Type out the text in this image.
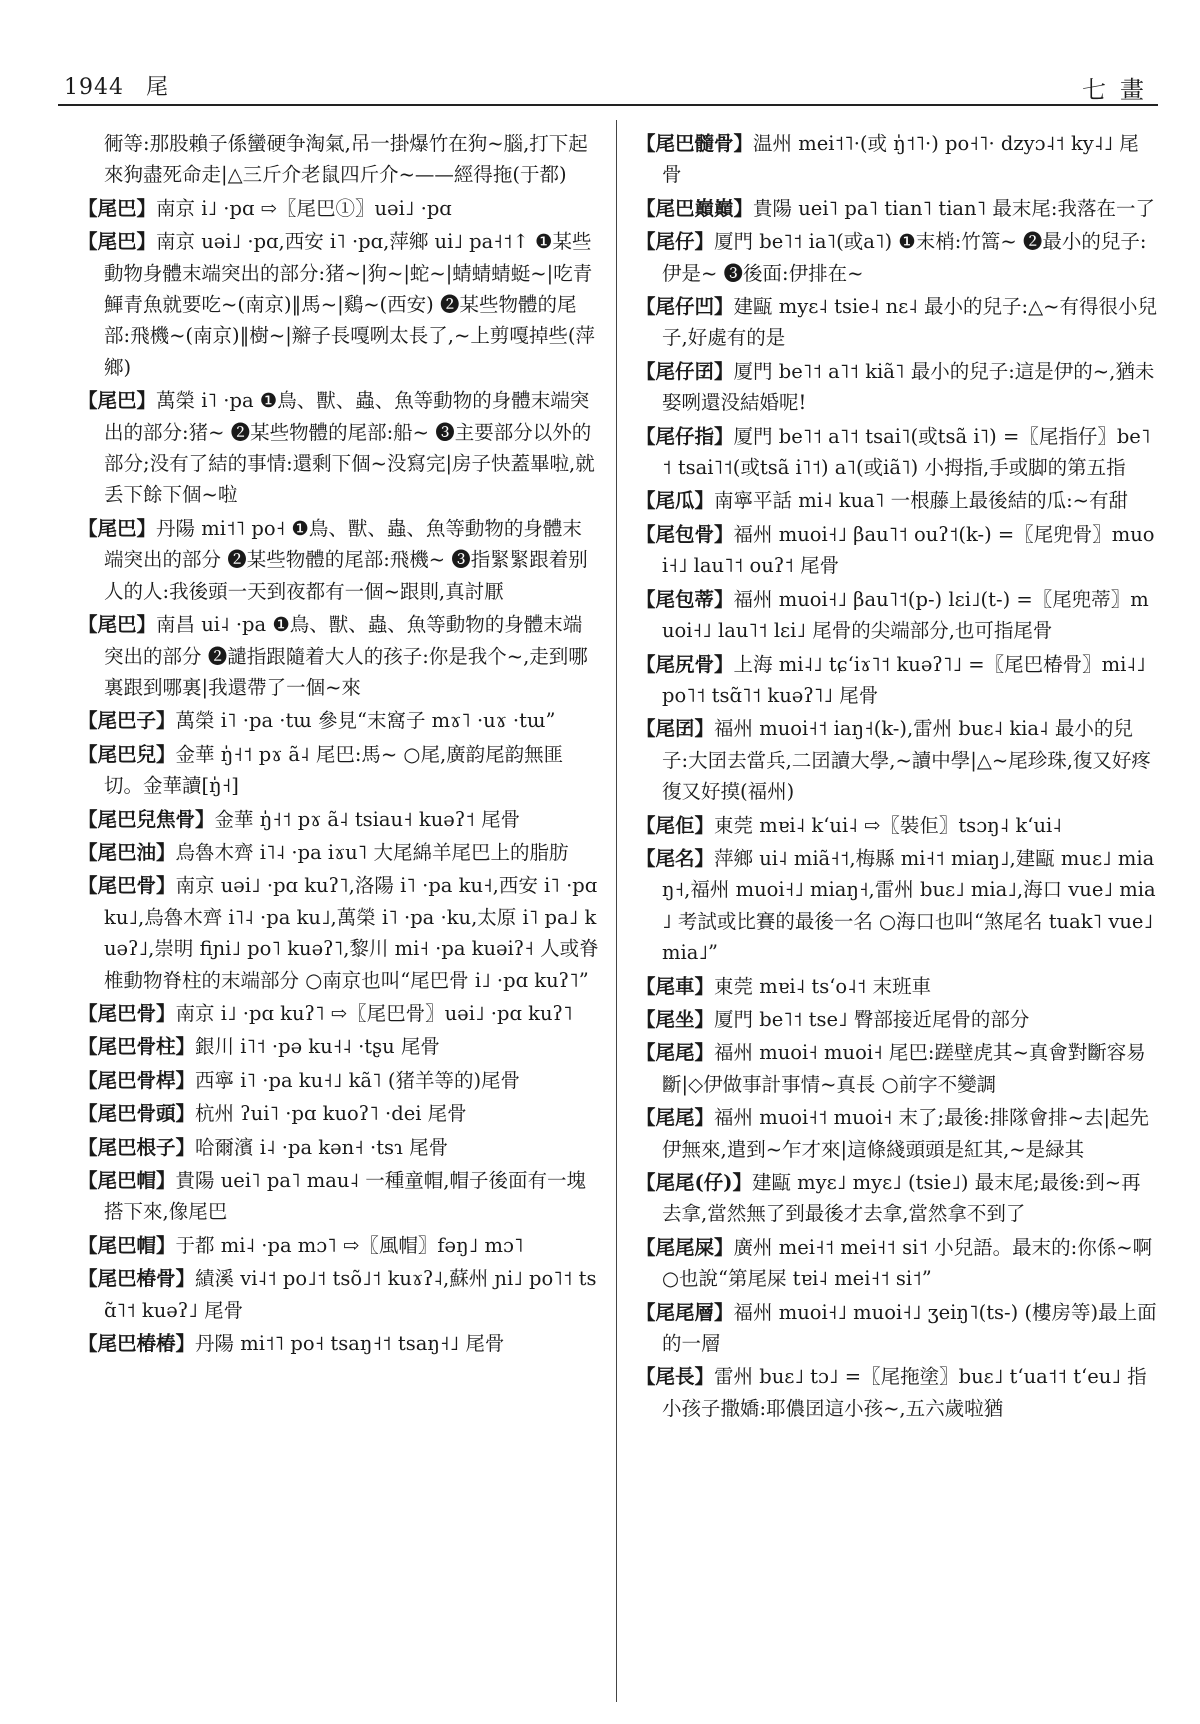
1944 尾	七畫
衕等:那股賴子係蠻硬争淘氣,吊一掛爆竹在狗~腦,打下起來狗盡死命走|△三斤介老鼠四斤介~——經得拖(于都)
【尾巴】南京 i˩ ·pɑ ⇨〖尾巴①〗uəi˩ ·pɑ
【尾巴】南京 uəi˩ ·pɑ,西安 i˥ ·pɑ,萍鄉 ui˩ pa˧˦↑ ❶某些動物身體末端突出的部分:猪~|狗~|蛇~|蜻蜻蜻蜓~|吃青鯶青魚就要吃~(南京)‖馬~|鷄~(西安) ❷某些物體的尾部:飛機~(南京)‖樹~|辮子長嘎咧太長了,~上剪嘎掉些(萍鄉)
【尾巴】萬榮 i˥ ·pa ❶鳥、獸、蟲、魚等動物的身體末端突出的部分:猪~ ❷某些物體的尾部:船~ ❸主要部分以外的部分;没有了結的事情:還剩下個~没寫完|房子快蓋畢啦,就丢下餘下個~啦
【尾巴】丹陽 mi˦˥ po˧ ❶鳥、獸、蟲、魚等動物的身體末端突出的部分 ❷某些物體的尾部:飛機~ ❸指緊緊跟着别人的人:我後頭一天到夜都有一個~跟則,真討厭
【尾巴】南昌 ui˨ ·pa ❶鳥、獸、蟲、魚等動物的身體末端突出的部分 ❷譴指跟隨着大人的孩子:你是我个~,走到哪裏跟到哪裏|我還帶了一個~來
【尾巴子】萬榮 i˥ ·pa ·tɯ 參見“末窩子 mɤ˥ ·uɤ ·tɯ”
【尾巴兒】金華 ŋ̍˧˦ pɤ ã˨ 尾巴:馬~ ○尾,廣韵尾韵無匪切。金華讀[ŋ̍˧]
【尾巴兒焦骨】金華 ŋ̍˧˦ pɤ ã˨ tsiau˧ kuəʔ˦ 尾骨
【尾巴油】烏魯木齊 i˥˨ ·pa iɤu˥ 大尾綿羊尾巴上的脂肪
【尾巴骨】南京 uəi˩ ·pɑ kuʔ˥,洛陽 i˥ ·pa ku˧,西安 i˥ ·pɑ ku˩,烏魯木齊 i˥˨ ·pa ku˩,萬榮 i˥ ·pa ·ku,太原 i˥ pa˩ kuəʔ˩,崇明 fiɲi˩ po˥ kuəʔ˥,黎川 mi˧ ·pa kuəiʔ˧ 人或脊椎動物脊柱的末端部分 ○南京也叫“尾巴骨 i˩ ·pɑ kuʔ˥”
【尾巴骨】南京 i˩ ·pɑ kuʔ˥ ⇨〖尾巴骨〗uəi˩ ·pɑ kuʔ˥
【尾巴骨柱】銀川 i˥˦ ·pə ku˧˨ ·tʂu 尾骨
【尾巴骨桿】西寧 i˥ ·pa ku˧˩ kã˥ (猪羊等的)尾骨
【尾巴骨頭】杭州 ʔui˥ ·pɑ kuoʔ˥ ·dei 尾骨
【尾巴根子】哈爾濱 i˨ ·pa kən˧ ·tsɿ 尾骨
【尾巴帽】貴陽 uei˥ pa˥ mau˨ 一種童帽,帽子後面有一塊搭下來,像尾巴
【尾巴帽】于都 mi˨ ·pa mɔ˥ ⇨〖風帽〗fəŋ˩ mɔ˥
【尾巴椿骨】績溪 vi˨˦ po˩˦ tsõ˩˦ kuɤʔ˨,蘇州 ɲi˩ po˥˦ tsɑ̃˥˦ kuəʔ˩ 尾骨
【尾巴椿椿】丹陽 mi˦˥ po˧ tsaŋ˧˦ tsaŋ˧˩ 尾骨
【尾巴髓骨】温州 mei˦˥·(或 ŋ̍˦˥·) po˧˥· dzyɔ˨˦ ky˨˩ 尾骨
【尾巴巔巔】貴陽 uei˥ pa˥ tian˥ tian˥ 最末尾:我落在一了
【尾仔】厦門 be˥˦ ia˥(或a˥) ❶末梢:竹篙~ ❷最小的兒子:伊是~ ❸後面:伊排在~
【尾仔凹】建甌 myɛ˨ tsie˨ nɛ˨ 最小的兒子:△~有得很小兒子,好處有的是
【尾仔囝】厦門 be˥˦ a˥˦ kiã˥ 最小的兒子:這是伊的~,猶未娶咧還没結婚呢!
【尾仔指】厦門 be˥˦ a˥˦ tsai˥(或tsã i˥) =〖尾指仔〗be˥˦ tsai˥˦(或tsã i˥˦) a˥(或iã˥) 小拇指,手或脚的第五指
【尾瓜】南寧平話 mi˨ kua˥ 一根藤上最後結的瓜:~有甜
【尾包骨】福州 muoi˧˩ βau˥˦ ouʔ˦(k-) =〖尾兜骨〗muoi˧˩ lau˥˦ ouʔ˦ 尾骨
【尾包蒂】福州 muoi˧˩ βau˥˦(p-) lɛi˩(t-) =〖尾兜蒂〗muoi˧˩ lau˥˦ lɛi˩ 尾骨的尖端部分,也可指尾骨
【尾尻骨】上海 mi˨˩ tɕʻiɤ˥˦ kuəʔ˥˩ =〖尾巴椿骨〗mi˨˩ po˥˦ tsɑ̃˥˦ kuəʔ˥˩ 尾骨
【尾囝】福州 muoi˧˦ iaŋ˧(k-),雷州 buɛ˨ kia˨ 最小的兒子:大囝去當兵,二囝讀大學,~讀中學|△~尾珍珠,復又好疼復又好摸(福州)
【尾佢】東莞 mɐi˨ kʻui˨ ⇨〖裝佢〗tsɔŋ˨ kʻui˨
【尾名】萍鄉 ui˨ miã˧˦,梅縣 mi˧˦ miaŋ˩,建甌 muɛ˩ miaŋ˧,福州 muoi˧˩ miaŋ˧,雷州 buɛ˩ mia˩,海口 vue˩ mia˩ 考試或比賽的最後一名 ○海口也叫“煞尾名 tuak˥ vue˩ mia˩”
【尾車】東莞 mɐi˨ tsʻo˨˦ 末班車
【尾坐】厦門 be˥˦ tse˩ 臀部接近尾骨的部分
【尾尾】福州 muoi˧ muoi˧ 尾巴:蹉壁虎其~真會對斷容易斷|◇伊做事計事情~真長 ○前字不變調
【尾尾】福州 muoi˧˦ muoi˧ 末了;最後:排隊會排~去|起先伊無來,遣到~乍才來|這條綫頭頭是紅其,~是緑其
【尾尾(仔)】建甌 myɛ˩ myɛ˩ (tsie˩) 最末尾;最後:到~再去拿,當然無了到最後才去拿,當然拿不到了
【尾尾屎】廣州 mei˧˦ mei˧˦ si˦ 小兒語。最末的:你係~啊 ○也說“第尾屎 tɐi˨ mei˧˦ si˦”
【尾尾層】福州 muoi˧˩ muoi˧˩ ʒeiŋ˥(ts-) (樓房等)最上面的一層
【尾長】雷州 buɛ˩ tɔ˩ =〖尾拖塗〗buɛ˩ tʻua˦˦ tʻeu˩ 指小孩子撒嬌:耶儂囝這小孩~,五六歲啦猶
